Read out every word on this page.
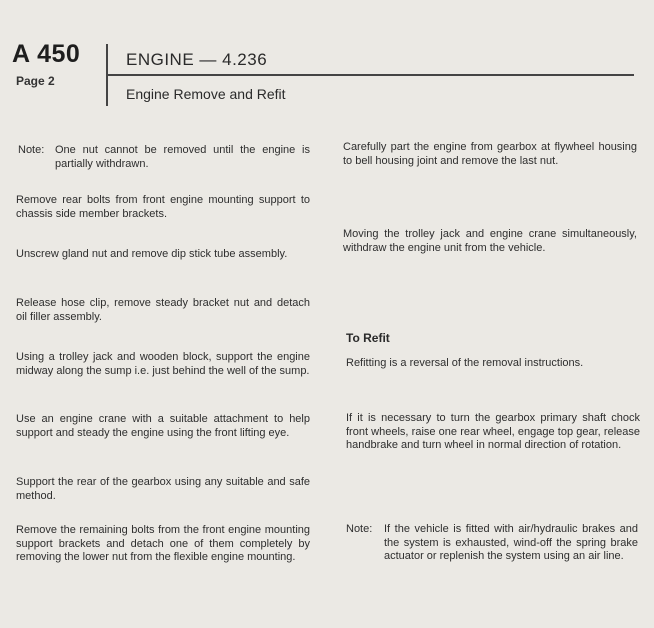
A 450
Page 2
ENGINE — 4.236
Engine Remove and Refit
Note: One nut cannot be removed until the engine is partially withdrawn.

Remove rear bolts from front engine mounting support to chassis side member brackets.

Unscrew gland nut and remove dip stick tube assembly.

Release hose clip, remove steady bracket nut and detach oil filler assembly.

Using a trolley jack and wooden block, support the engine midway along the sump i.e. just behind the well of the sump.

Use an engine crane with a suitable attachment to help support and steady the engine using the front lifting eye.

Support the rear of the gearbox using any suitable and safe method.

Remove the remaining bolts from the front engine mounting support brackets and detach one of them completely by removing the lower nut from the flexible engine mounting.

Carefully part the engine from gearbox at flywheel housing to bell housing joint and remove the last nut.

Moving the trolley jack and engine crane simultaneously, withdraw the engine unit from the vehicle.

To Refit

Refitting is a reversal of the removal instructions.

If it is necessary to turn the gearbox primary shaft chock front wheels, raise one rear wheel, engage top gear, release handbrake and turn wheel in normal direction of rotation.

Note: If the vehicle is fitted with air/hydraulic brakes and the system is exhausted, wind-off the spring brake actuator or replenish the system using an air line.
